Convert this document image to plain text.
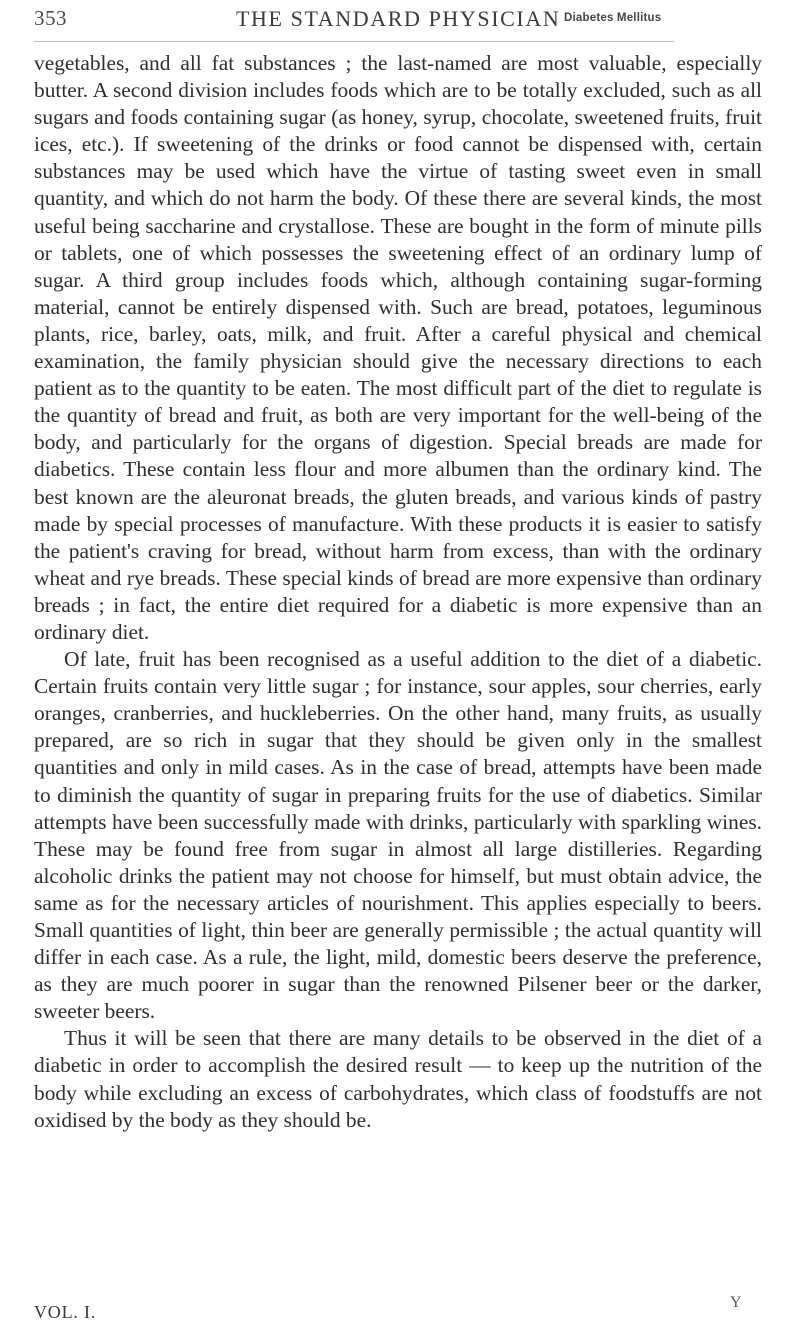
353	THE STANDARD PHYSICIAN Diabetes Mellitus

vegetables, and all fat substances ; the last-named are most valuable, especially butter. A second division includes foods which are to be totally excluded, such as all sugars and foods containing sugar (as honey, syrup, chocolate, sweetened fruits, fruit ices, etc.). If sweetening of the drinks or food cannot be dispensed with, certain substances may be used which have the virtue of tasting sweet even in small quantity, and which do not harm the body. Of these there are several kinds, the most useful being saccharine and crystallose. These are bought in the form of minute pills or tablets, one of which possesses the sweetening effect of an ordinary lump of sugar. A third group includes foods which, although containing sugar-forming material, cannot be entirely dispensed with. Such are bread, potatoes, leguminous plants, rice, barley, oats, milk, and fruit. After a careful physical and chemical examination, the family physician should give the necessary directions to each patient as to the quantity to be eaten. The most difficult part of the diet to regulate is the quantity of bread and fruit, as both are very important for the well-being of the body, and particularly for the organs of digestion. Special breads are made for diabetics. These contain less flour and more albumen than the ordinary kind. The best known are the aleuronat breads, the gluten breads, and various kinds of pastry made by special processes of manufacture. With these products it is easier to satisfy the patient's craving for bread, without harm from excess, than with the ordinary wheat and rye breads. These special kinds of bread are more expensive than ordinary breads ; in fact, the entire diet required for a diabetic is more expensive than an ordinary diet.

Of late, fruit has been recognised as a useful addition to the diet of a diabetic. Certain fruits contain very little sugar ; for instance, sour apples, sour cherries, early oranges, cranberries, and huckleberries. On the other hand, many fruits, as usually prepared, are so rich in sugar that they should be given only in the smallest quantities and only in mild cases. As in the case of bread, attempts have been made to diminish the quantity of sugar in preparing fruits for the use of diabetics. Similar attempts have been successfully made with drinks, particularly with sparkling wines. These may be found free from sugar in almost all large distilleries. Regarding alcoholic drinks the patient may not choose for himself, but must obtain advice, the same as for the necessary articles of nourishment. This applies especially to beers. Small quantities of light, thin beer are generally permissible ; the actual quantity will differ in each case. As a rule, the light, mild, domestic beers deserve the preference, as they are much poorer in sugar than the renowned Pilsener beer or the darker, sweeter beers.

Thus it will be seen that there are many details to be observed in the diet of a diabetic in order to accomplish the desired result — to keep up the nutrition of the body while excluding an excess of carbohydrates, which class of foodstuffs are not oxidised by the body as they should be.

VOL. I.	Y
